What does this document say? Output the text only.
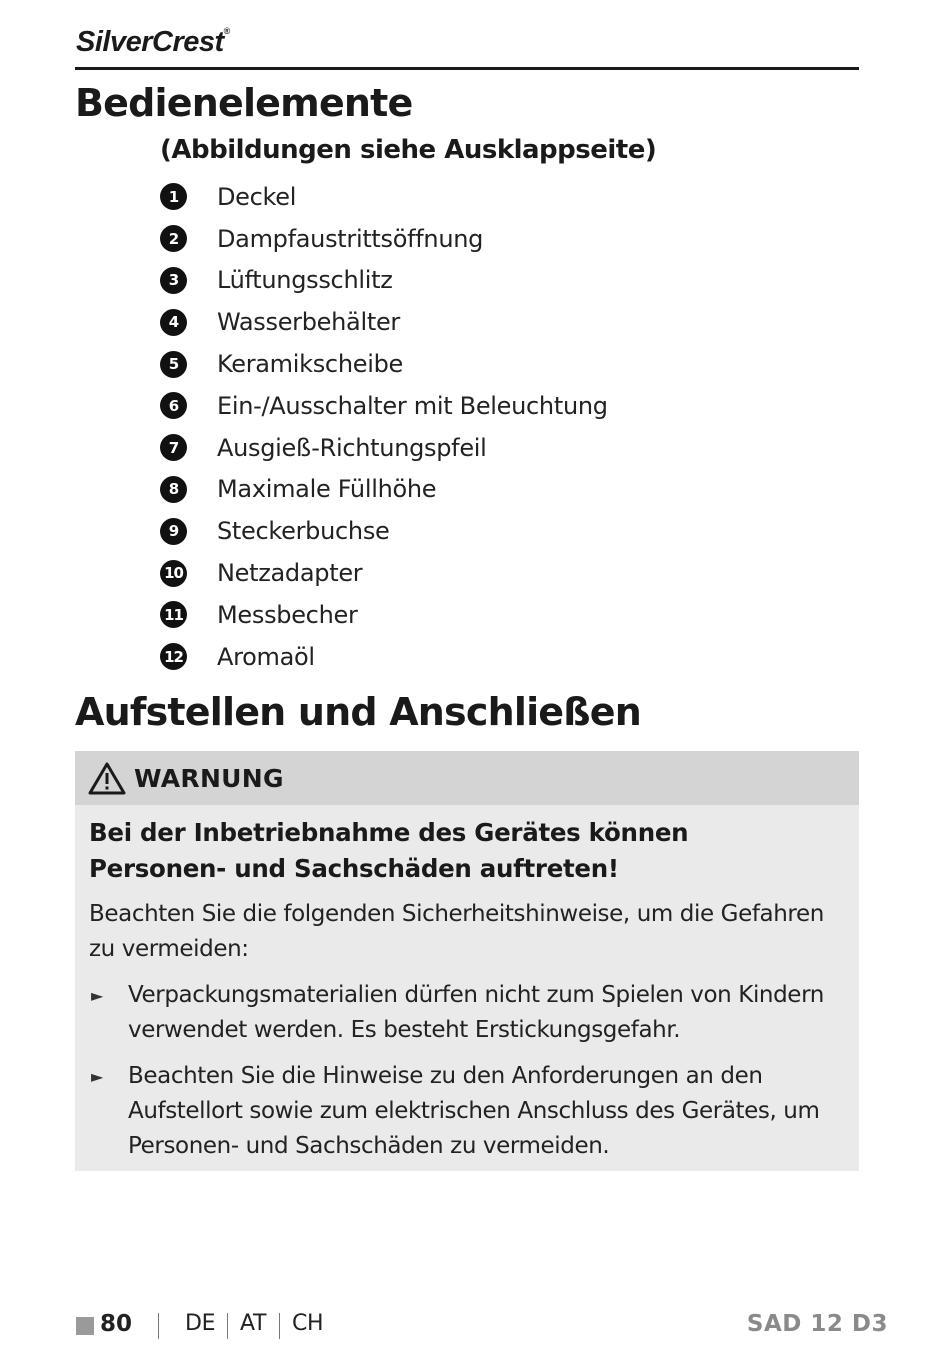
SilverCrest®
Bedienelemente
(Abbildungen siehe Ausklappseite)
1	Deckel
2	Dampfaustrittsöffnung
3	Lüftungsschlitz
4	Wasserbehälter
5	Keramikscheibe
6	Ein-/Ausschalter mit Beleuchtung
7	Ausgieß-Richtungspfeil
8	Maximale Füllhöhe
9	Steckerbuchse
10 Netzadapter
11 Messbecher
12 Aromaöl
Aufstellen und Anschließen
WARNUNG
Bei der Inbetriebnahme des Gerätes können Personen- und Sachschäden auftreten!
Beachten Sie die folgenden Sicherheitshinweise, um die Gefahren zu vermeiden:
►	Verpackungsmaterialien dürfen nicht zum Spielen von Kindern verwendet werden. Es besteht Erstickungsgefahr.
►	Beachten Sie die Hinweise zu den Anforderungen an den Aufstellort sowie zum elektrischen Anschluss des Gerätes, um Personen- und Sachschäden zu vermeiden.
80 DE AT CH	SAD 12 D3
